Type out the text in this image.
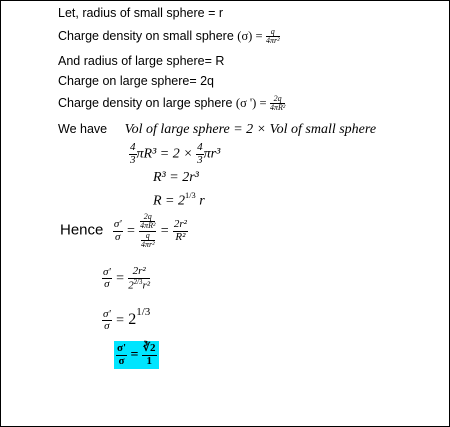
Let, radius of small sphere = r
Charge density on small sphere $(\sigma) = \frac{q}{\text{4πr²}}$
And radius of large sphere= R
Charge on large sphere= 2q
Charge density on large sphere (σ ') = $\frac{2q}{\text{4πR²}}$
We have Vol of large sphere = 2 × Vol of small sphere
$\frac{4}{3} \pi R^3 = 2 \times \frac{4}{3} \pi r^3$
R³ = 2r³
$R = 2^{1/3}$ r
Hence $\frac{\sigma'}{\sigma} = \frac{\frac{2q}{\text{4πR²}}}{\frac{q}{\text{4πr²}}} = \frac{\text{2r²}}{\text{R²}}$
$\frac{\sigma'}{\sigma} = \frac{\text{2r²}}{2^{2/3}r^2}$
$\frac{\sigma'}{\sigma} = 2^{1/3}$
$\frac{\sigma'}{\sigma} = \frac{∛2}{1}$
